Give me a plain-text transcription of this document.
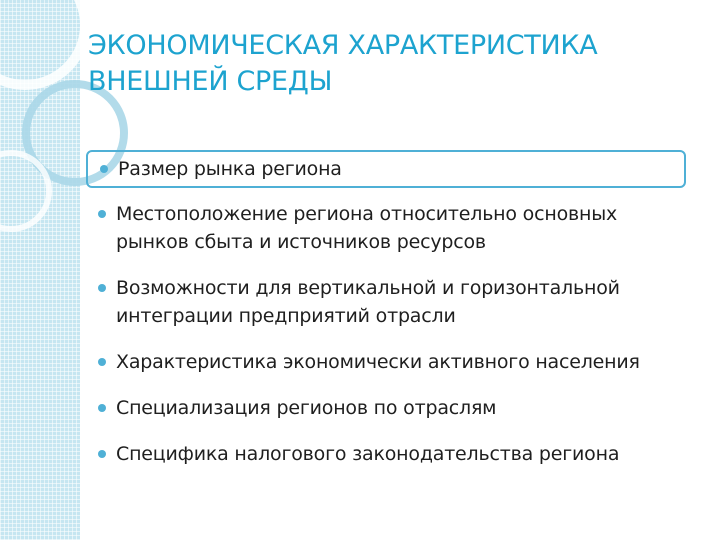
ЭКОНОМИЧЕСКАЯ ХАРАКТЕРИСТИКА
ВНЕШНЕЙ СРЕДЫ
Размер рынка региона
Местоположение региона относительно основных рынков сбыта и источников ресурсов
Возможности для вертикальной и горизонтальной интеграции предприятий отрасли
Характеристика экономически активного населения
Специализация регионов по отраслям
Специфика налогового законодательства региона
